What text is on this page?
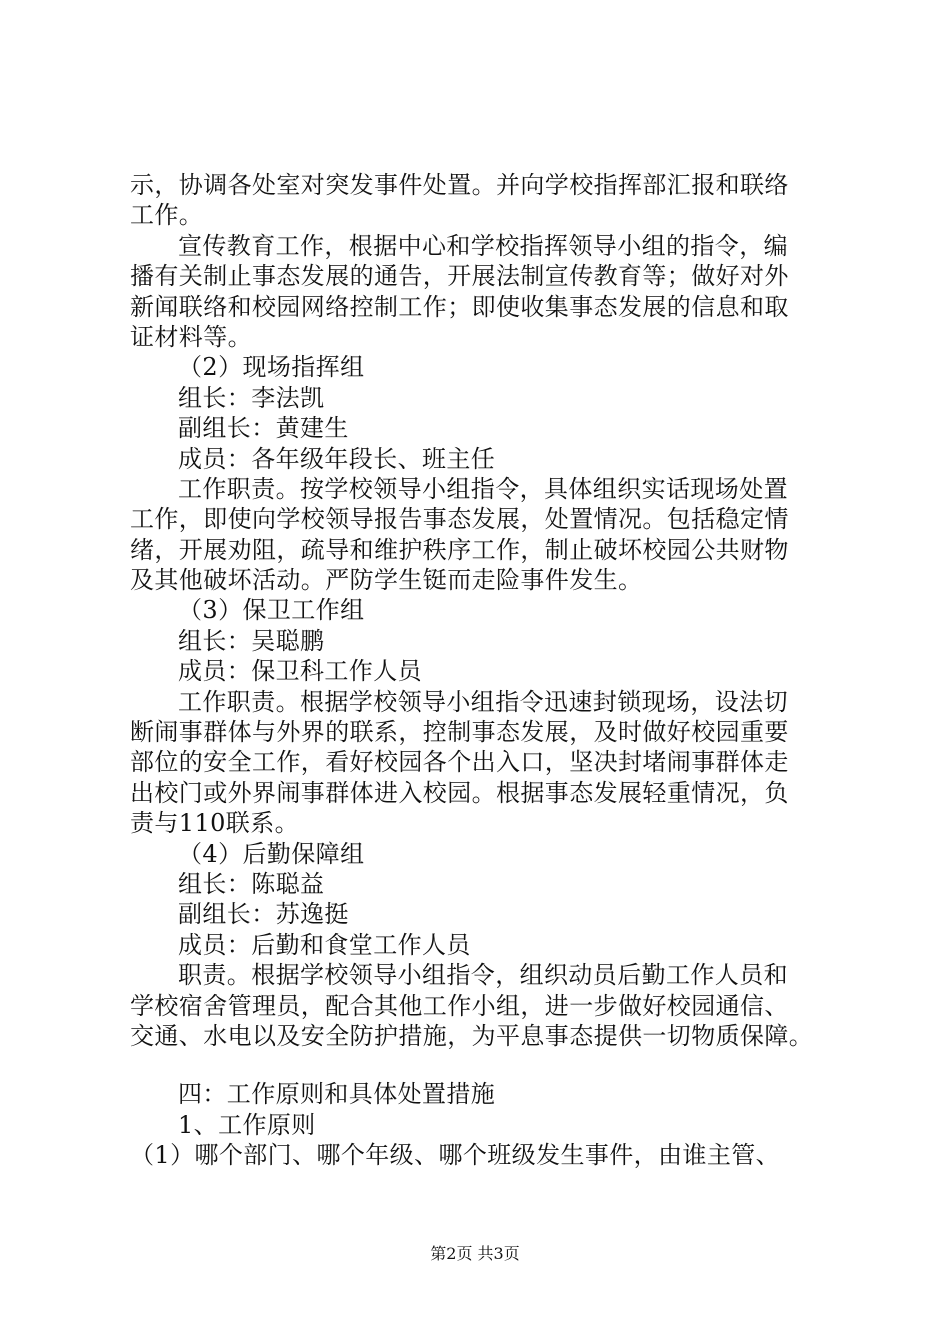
示，协调各处室对突发事件处置。并向学校指挥部汇报和联络
工作。
宣传教育工作，根据中心和学校指挥领导小组的指令，编
播有关制止事态发展的通告，开展法制宣传教育等；做好对外
新闻联络和校园网络控制工作；即使收集事态发展的信息和取
证材料等。
（2）现场指挥组
组长：李法凯
副组长：黄建生
成员：各年级年段长、班主任
工作职责。按学校领导小组指令，具体组织实话现场处置
工作，即使向学校领导报告事态发展，处置情况。包括稳定情
绪，开展劝阻，疏导和维护秩序工作，制止破坏校园公共财物
及其他破坏活动。严防学生铤而走险事件发生。
（3）保卫工作组
组长：吴聪鹏
成员：保卫科工作人员
工作职责。根据学校领导小组指令迅速封锁现场，设法切
断闹事群体与外界的联系，控制事态发展，及时做好校园重要
部位的安全工作，看好校园各个出入口，坚决封堵闹事群体走
出校门或外界闹事群体进入校园。根据事态发展轻重情况，负
责与110联系。
（4）后勤保障组
组长：陈聪益
副组长：苏逸挺
成员：后勤和食堂工作人员
职责。根据学校领导小组指令，组织动员后勤工作人员和
学校宿舍管理员，配合其他工作小组，进一步做好校园通信、
交通、水电以及安全防护措施，为平息事态提供一切物质保障。
四：工作原则和具体处置措施
1、工作原则
（1）哪个部门、哪个年级、哪个班级发生事件，由谁主管、
第2页 共3页
